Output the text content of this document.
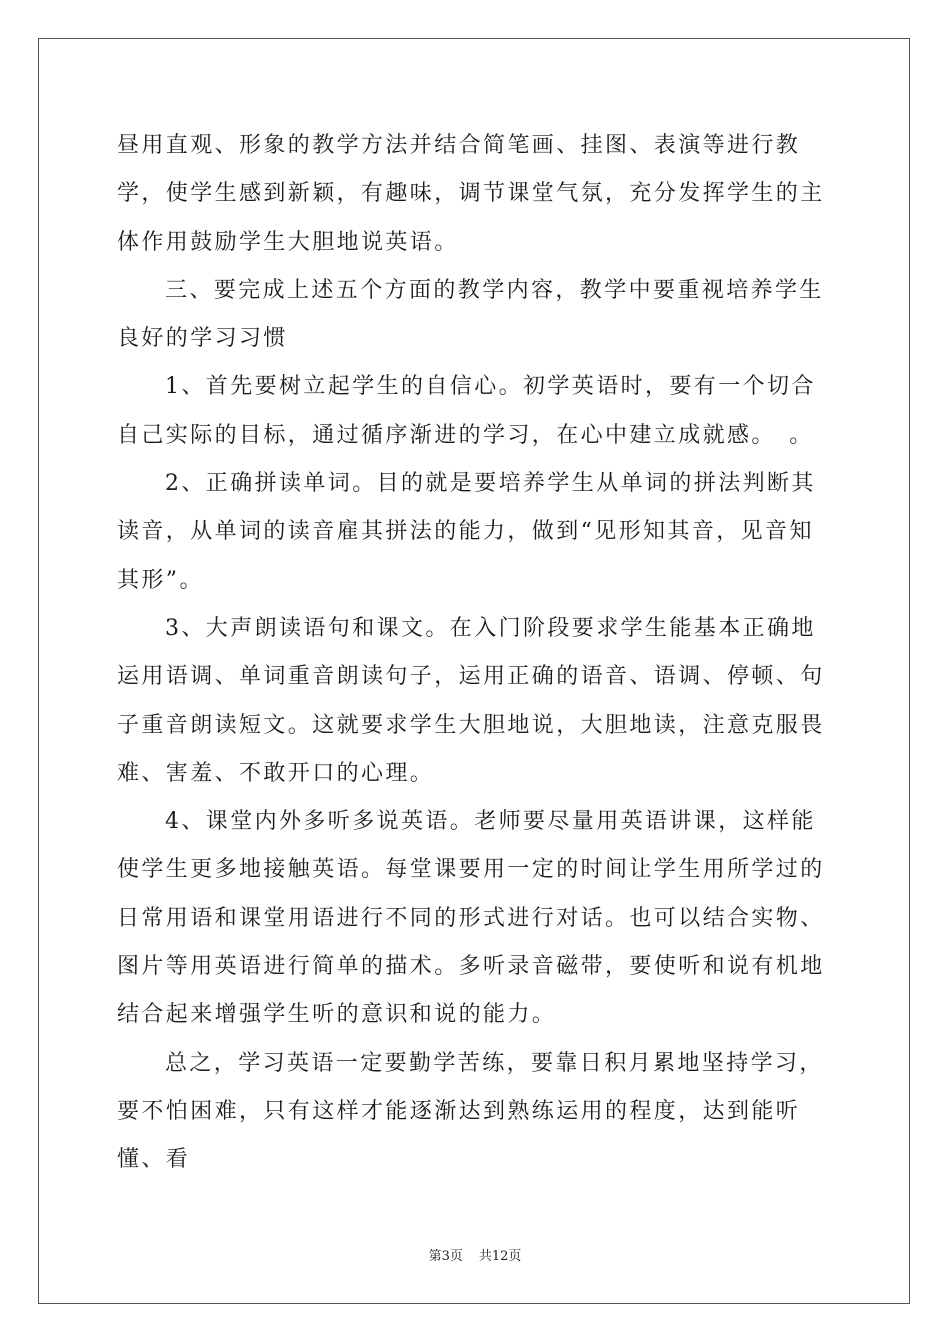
昼用直观、形象的教学方法并结合简笔画、挂图、表演等进行教学，使学生感到新颖，有趣味，调节课堂气氛，充分发挥学生的主体作用鼓励学生大胆地说英语。

三、要完成上述五个方面的教学内容，教学中要重视培养学生良好的学习习惯

1、首先要树立起学生的自信心。初学英语时，要有一个切合自己实际的目标，通过循序渐进的学习，在心中建立成就感。　。

2、正确拼读单词。目的就是要培养学生从单词的拼法判断其读音，从单词的读音雇其拼法的能力，做到“见形知其音，见音知其形”。

3、大声朗读语句和课文。在入门阶段要求学生能基本正确地运用语调、单词重音朗读句子，运用正确的语音、语调、停顿、句子重音朗读短文。这就要求学生大胆地说，大胆地读，注意克服畏难、害羞、不敢开口的心理。

4、课堂内外多听多说英语。老师要尽量用英语讲课，这样能使学生更多地接触英语。每堂课要用一定的时间让学生用所学过的日常用语和课堂用语进行不同的形式进行对话。也可以结合实物、图片等用英语进行简单的描术。多听录音磁带，要使听和说有机地结合起来增强学生听的意识和说的能力。

总之，学习英语一定要勤学苦练，要靠日积月累地坚持学习，要不怕困难，只有这样才能逐渐达到熟练运用的程度，达到能听懂、看

第3页 共12页
